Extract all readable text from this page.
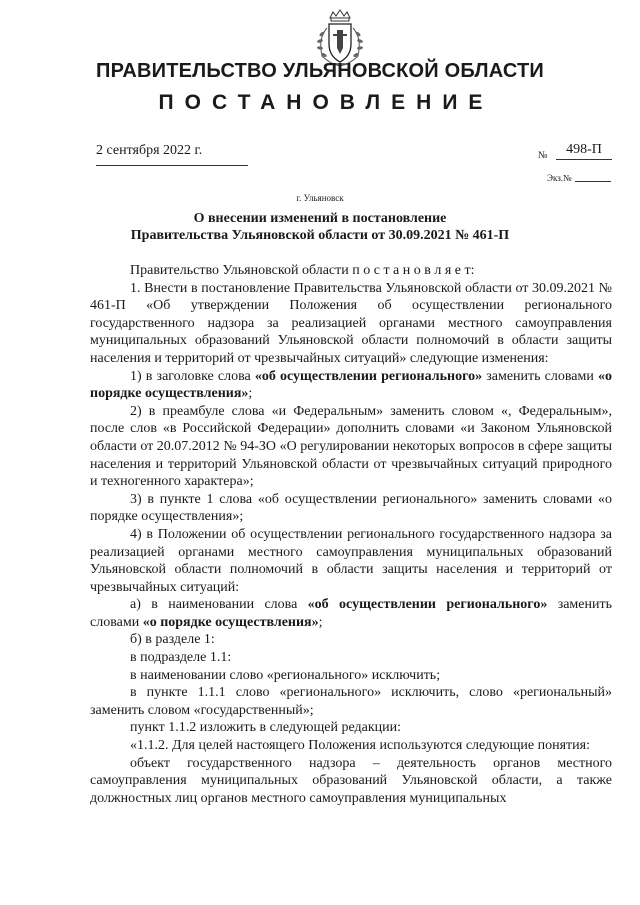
ПРАВИТЕЛЬСТВО УЛЬЯНОВСКОЙ ОБЛАСТИ
ПОСТАНОВЛЕНИЕ
2 сентября 2022 г.	№	498-П
Экз.№
г. Ульяновск
О внесении изменений в постановление
Правительства Ульяновской области от 30.09.2021 № 461-П

Правительство Ульяновской области п о с т а н о в л я е т:

1. Внести в постановление Правительства Ульяновской области от 30.09.2021 № 461-П «Об утверждении Положения об осуществлении регионального государственного надзора за реализацией органами местного самоуправления муниципальных образований Ульяновской области полномочий в области защиты населения и территорий от чрезвычайных ситуаций» следующие изменения:

1) в заголовке слова «об осуществлении регионального» заменить словами «о порядке осуществления»;

2) в преамбуле слова «и Федеральным» заменить словом «, Федеральным», после слов «в Российской Федерации» дополнить словами «и Законом Ульяновской области от 20.07.2012 № 94-ЗО «О регулировании некоторых вопросов в сфере защиты населения и территорий Ульяновской области от чрезвычайных ситуаций природного и техногенного характера»;

3) в пункте 1 слова «об осуществлении регионального» заменить словами «о порядке осуществления»;

4) в Положении об осуществлении регионального государственного надзора за реализацией органами местного самоуправления муниципальных образований Ульяновской области полномочий в области защиты населения и территорий от чрезвычайных ситуаций:

а) в наименовании слова «об осуществлении регионального» заменить словами «о порядке осуществления»;

б) в разделе 1:

в подразделе 1.1:

в наименовании слово «регионального» исключить;

в пункте 1.1.1 слово «регионального» исключить, слово «региональный» заменить словом «государственный»;

пункт 1.1.2 изложить в следующей редакции:

«1.1.2. Для целей настоящего Положения используются следующие понятия:

объект государственного надзора – деятельность органов местного самоуправления муниципальных образований Ульяновской области, а также должностных лиц органов местного самоуправления муниципальных
